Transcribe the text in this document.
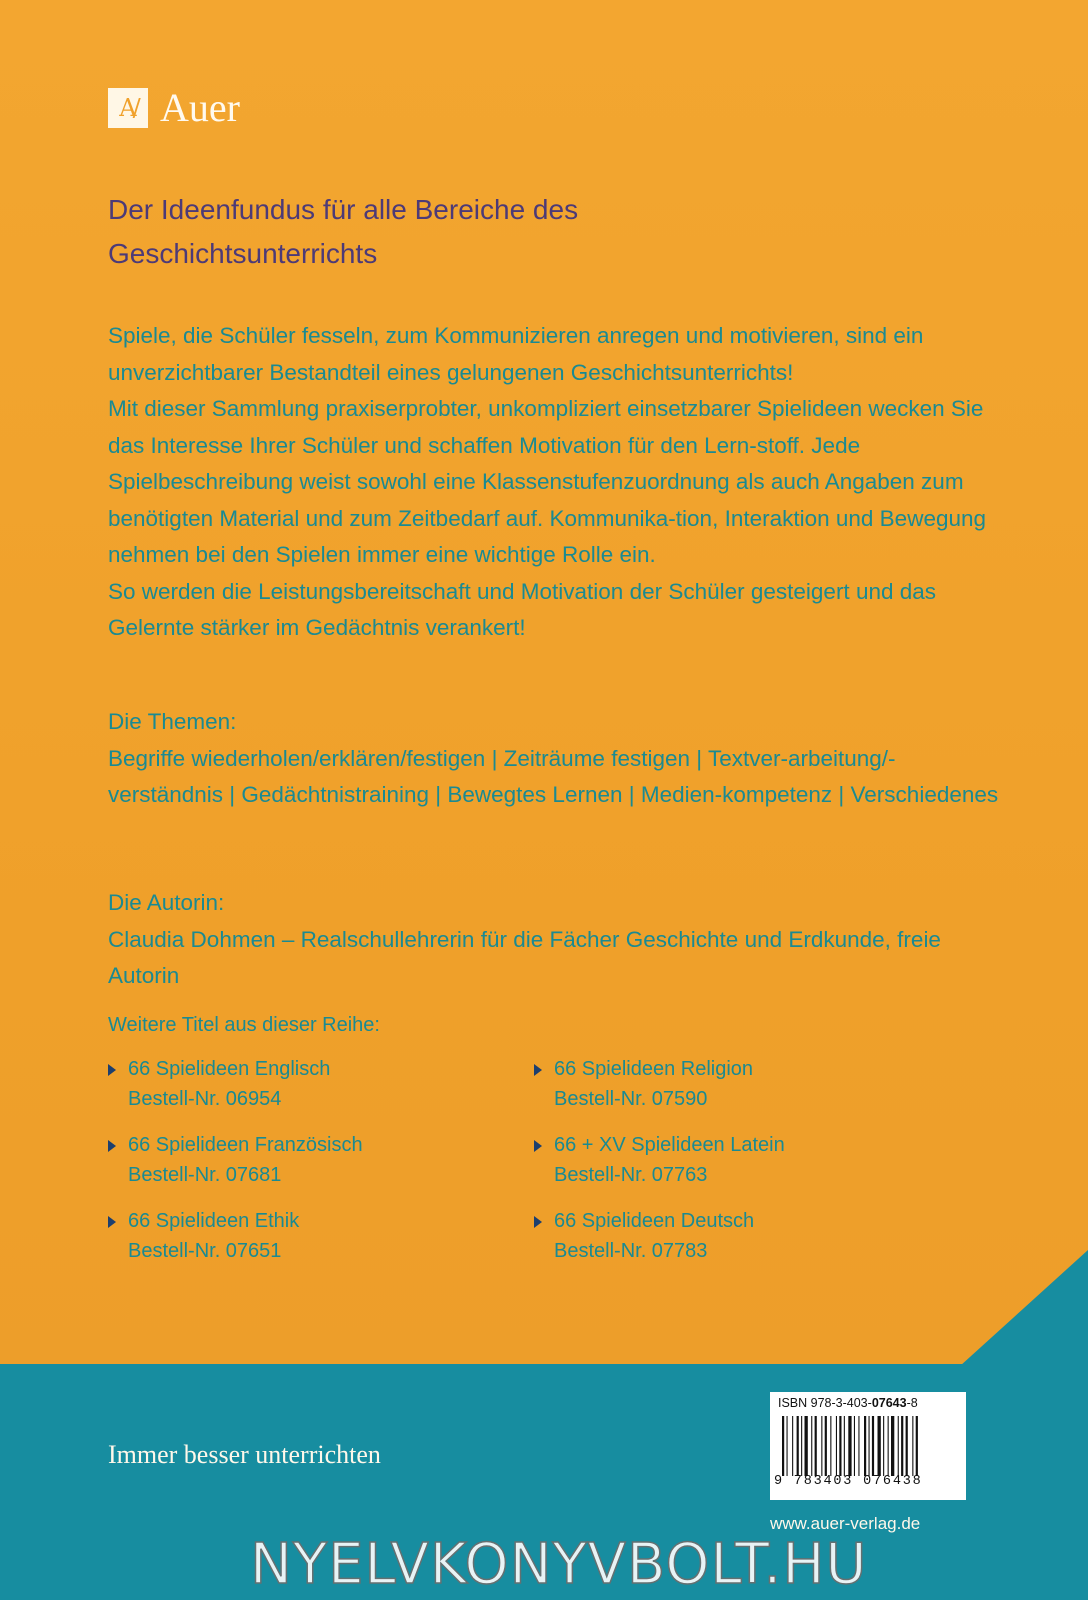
A/ Auer
Der Ideenfundus für alle Bereiche des
Geschichtsunterrichts

Spiele, die Schüler fesseln, zum Kommunizieren anregen und motivieren, sind ein unverzichtbarer Bestandteil eines gelungenen Geschichtsunterrichts!

Mit dieser Sammlung praxiserprobter, unkompliziert einsetzbarer Spielideen wecken Sie das Interesse Ihrer Schüler und schaffen Motivation für den Lern-stoff. Jede Spielbeschreibung weist sowohl eine Klassenstufenzuordnung als auch Angaben zum benötigten Material und zum Zeitbedarf auf. Kommunika-tion, Interaktion und Bewegung nehmen bei den Spielen immer eine wichtige Rolle ein.

So werden die Leistungsbereitschaft und Motivation der Schüler gesteigert und das Gelernte stärker im Gedächtnis verankert!

Die Themen:
Begriffe wiederholen/erklären/festigen | Zeiträume festigen | Textver-arbeitung/-verständnis | Gedächtnistraining | Bewegtes Lernen | Medien-kompetenz | Verschiedenes
Die Autorin:
Claudia Dohmen – Realschullehrerin für die Fächer Geschichte und Erdkunde, freie Autorin
Weitere Titel aus dieser Reihe:
66 Spielideen Englisch
Bestell-Nr. 06954
66 Spielideen Religion
Bestell-Nr. 07590
66 Spielideen Französisch
Bestell-Nr. 07681
66 + XV Spielideen Latein
Bestell-Nr. 07763
66 Spielideen Ethik
Bestell-Nr. 07651
66 Spielideen Deutsch
Bestell-Nr. 07783
Immer besser unterrichten
ISBN 978-3-403-07643-8
9 783403 076438
www.auer-verlag.de
NYELVKONYVBOLT.HU
